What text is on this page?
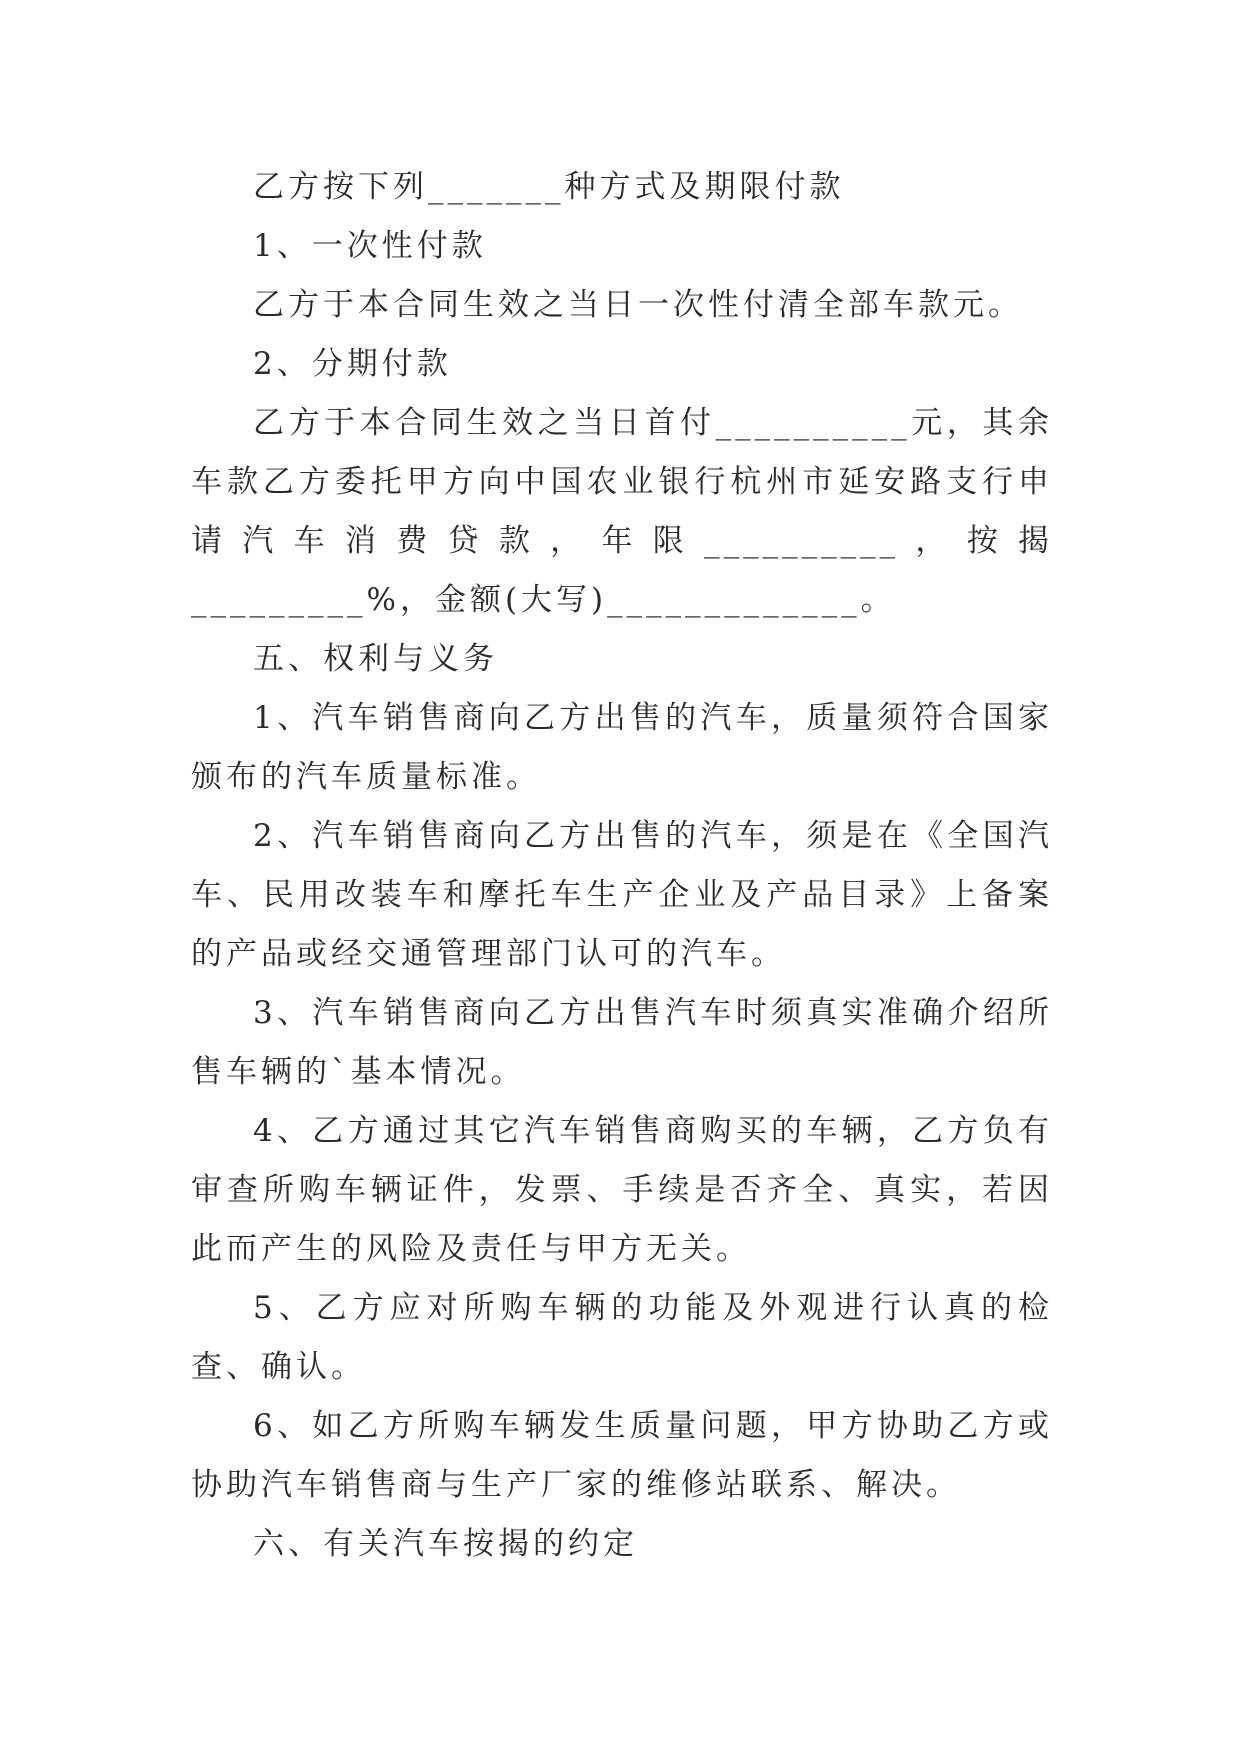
乙方按下列_______种方式及期限付款

1、一次性付款

乙方于本合同生效之当日一次性付清全部车款元。

2、分期付款

乙方于本合同生效之当日首付__________元，其余车款乙方委托甲方向中国农业银行杭州市延安路支行申请汽车消费贷款，年限__________，按揭_________%，金额(大写)_____________。

五、权利与义务

1、汽车销售商向乙方出售的汽车，质量须符合国家颁布的汽车质量标准。

2、汽车销售商向乙方出售的汽车，须是在《全国汽车、民用改装车和摩托车生产企业及产品目录》上备案的产品或经交通管理部门认可的汽车。

3、汽车销售商向乙方出售汽车时须真实准确介绍所售车辆的`基本情况。

4、乙方通过其它汽车销售商购买的车辆，乙方负有审查所购车辆证件，发票、手续是否齐全、真实，若因此而产生的风险及责任与甲方无关。

5、乙方应对所购车辆的功能及外观进行认真的检查、确认。

6、如乙方所购车辆发生质量问题，甲方协助乙方或协助汽车销售商与生产厂家的维修站联系、解决。

六、有关汽车按揭的约定
